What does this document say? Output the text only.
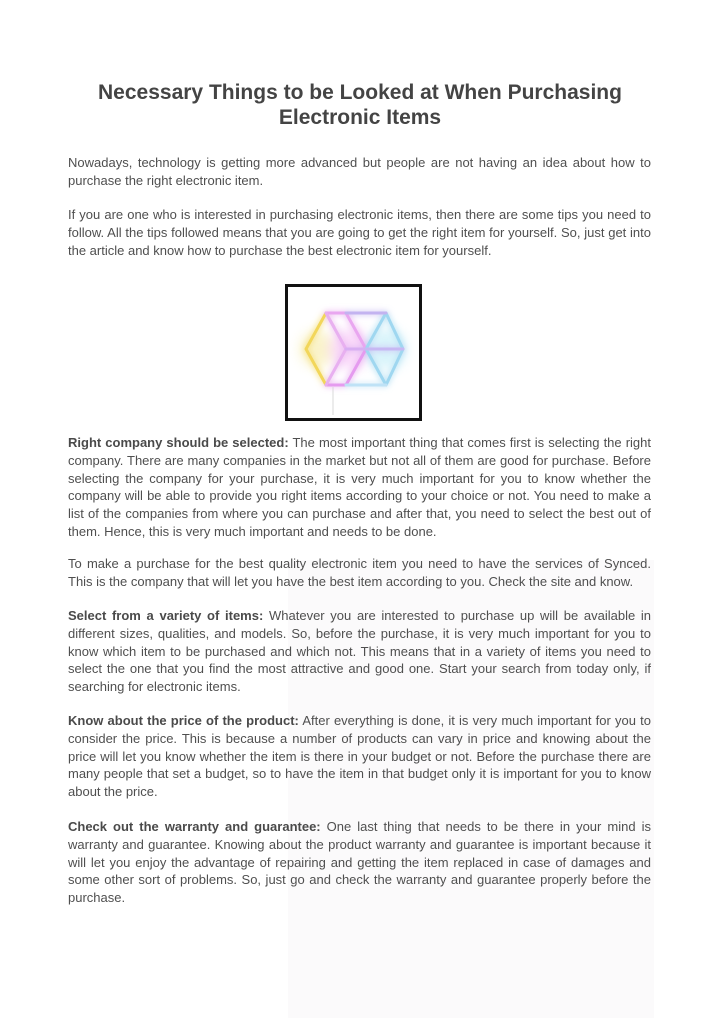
Necessary Things to be Looked at When Purchasing Electronic Items

Nowadays, technology is getting more advanced but people are not having an idea about how to purchase the right electronic item.

If you are one who is interested in purchasing electronic items, then there are some tips you need to follow. All the tips followed means that you are going to get the right item for yourself. So, just get into the article and know how to purchase the best electronic item for yourself.

Right company should be selected: The most important thing that comes first is selecting the right company. There are many companies in the market but not all of them are good for purchase. Before selecting the company for your purchase, it is very much important for you to know whether the company will be able to provide you right items according to your choice or not. You need to make a list of the companies from where you can purchase and after that, you need to select the best out of them. Hence, this is very much important and needs to be done.

To make a purchase for the best quality electronic item you need to have the services of Synced. This is the company that will let you have the best item according to you. Check the site and know.

Select from a variety of items: Whatever you are interested to purchase up will be available in different sizes, qualities, and models. So, before the purchase, it is very much important for you to know which item to be purchased and which not. This means that in a variety of items you need to select the one that you find the most attractive and good one. Start your search from today only, if searching for electronic items.

Know about the price of the product: After everything is done, it is very much important for you to consider the price. This is because a number of products can vary in price and knowing about the price will let you know whether the item is there in your budget or not. Before the purchase there are many people that set a budget, so to have the item in that budget only it is important for you to know about the price.

Check out the warranty and guarantee: One last thing that needs to be there in your mind is warranty and guarantee. Knowing about the product warranty and guarantee is important because it will let you enjoy the advantage of repairing and getting the item replaced in case of damages and some other sort of problems. So, just go and check the warranty and guarantee properly before the purchase.
